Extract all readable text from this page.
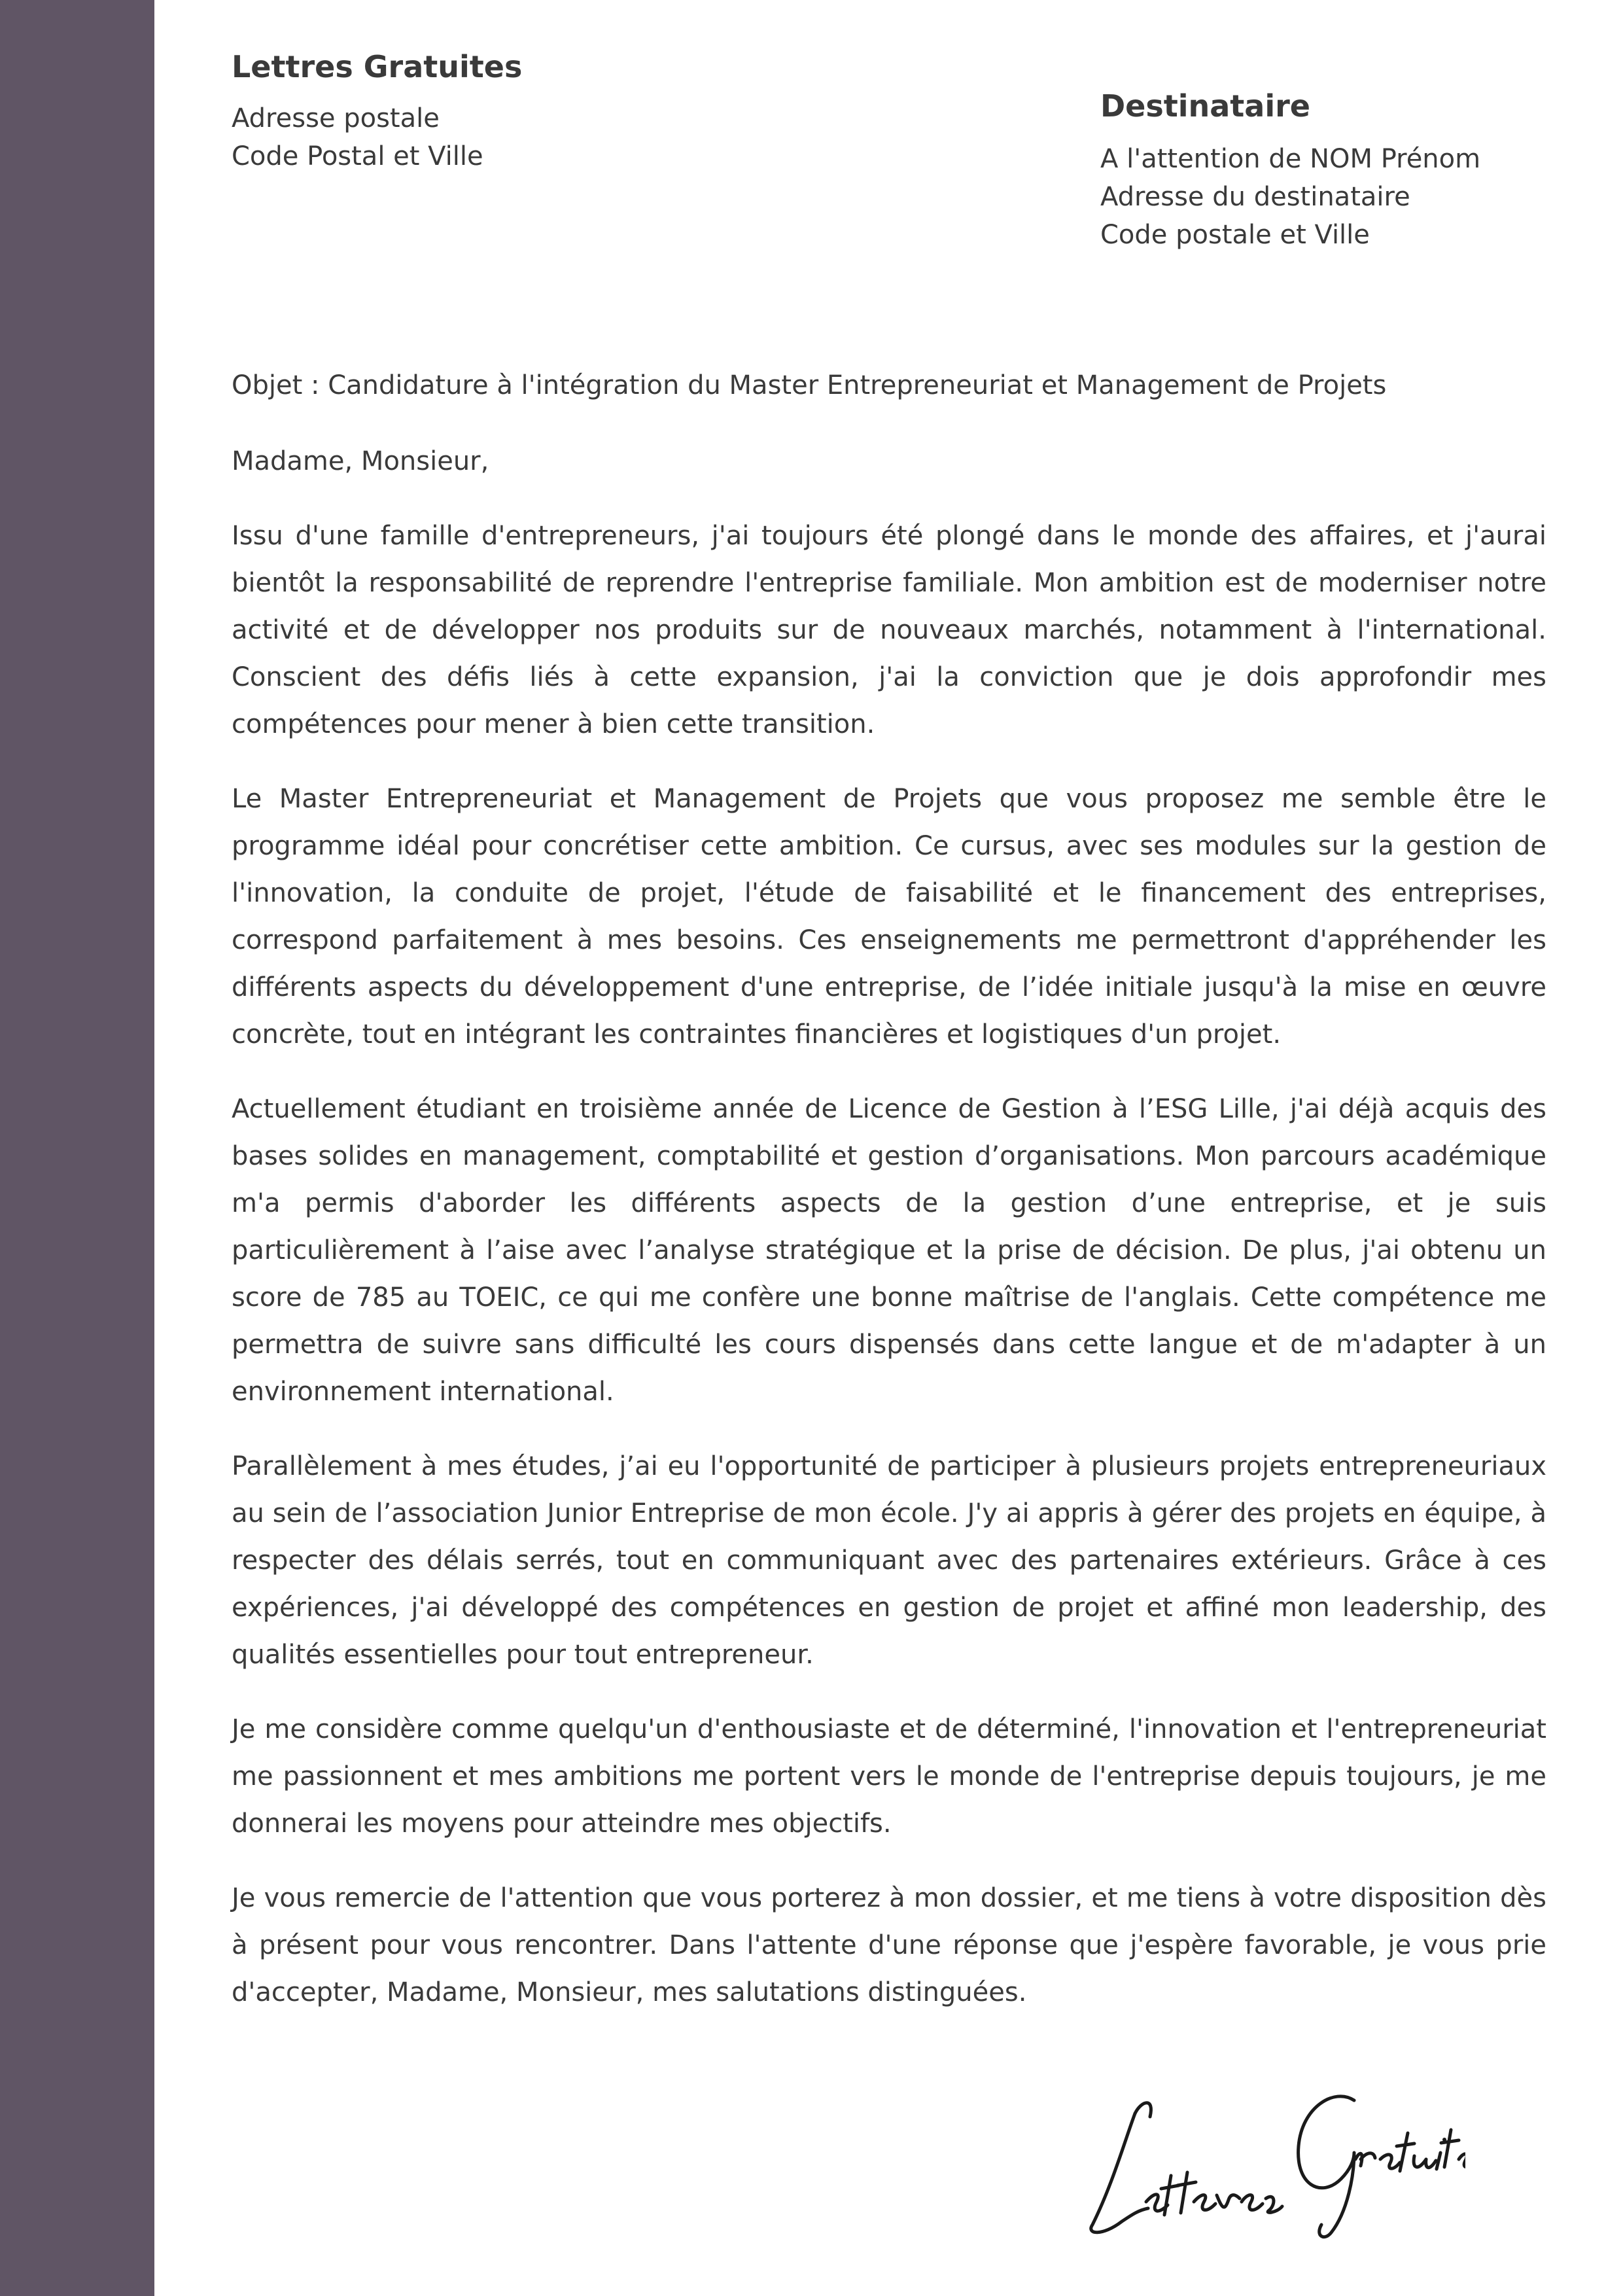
Lettres Gratuites
Adresse postale
Code Postal et Ville
Destinataire
A l'attention de NOM Prénom
Adresse du destinataire
Code postale et Ville

Objet : Candidature à l'intégration du Master Entrepreneuriat et Management de Projets

Madame, Monsieur,

Issu d'une famille d'entrepreneurs, j'ai toujours été plongé dans le monde des affaires, et j'aurai bientôt la responsabilité de reprendre l'entreprise familiale. Mon ambition est de moderniser notre activité et de développer nos produits sur de nouveaux marchés, notamment à l'international. Conscient des défis liés à cette expansion, j'ai la conviction que je dois approfondir mes compétences pour mener à bien cette transition.

Le Master Entrepreneuriat et Management de Projets que vous proposez me semble être le programme idéal pour concrétiser cette ambition. Ce cursus, avec ses modules sur la gestion de l'innovation, la conduite de projet, l'étude de faisabilité et le financement des entreprises, correspond parfaitement à mes besoins. Ces enseignements me permettront d'appréhender les différents aspects du développement d'une entreprise, de l’idée initiale jusqu'à la mise en œuvre concrète, tout en intégrant les contraintes financières et logistiques d'un projet.

Actuellement étudiant en troisième année de Licence de Gestion à l’ESG Lille, j'ai déjà acquis des bases solides en management, comptabilité et gestion d’organisations. Mon parcours académique m'a permis d'aborder les différents aspects de la gestion d’une entreprise, et je suis particulièrement à l’aise avec l’analyse stratégique et la prise de décision. De plus, j'ai obtenu un score de 785 au TOEIC, ce qui me confère une bonne maîtrise de l'anglais. Cette compétence me permettra de suivre sans difficulté les cours dispensés dans cette langue et de m'adapter à un environnement international.

Parallèlement à mes études, j’ai eu l'opportunité de participer à plusieurs projets entrepreneuriaux au sein de l’association Junior Entreprise de mon école. J'y ai appris à gérer des projets en équipe, à respecter des délais serrés, tout en communiquant avec des partenaires extérieurs. Grâce à ces expériences, j'ai développé des compétences en gestion de projet et affiné mon leadership, des qualités essentielles pour tout entrepreneur.

Je me considère comme quelqu'un d'enthousiaste et de déterminé, l'innovation et l'entrepreneuriat me passionnent et mes ambitions me portent vers le monde de l'entreprise depuis toujours, je me donnerai les moyens pour atteindre mes objectifs.

Je vous remercie de l'attention que vous porterez à mon dossier, et me tiens à votre disposition dès à présent pour vous rencontrer. Dans l'attente d'une réponse que j'espère favorable, je vous prie d'accepter, Madame, Monsieur, mes salutations distinguées.
